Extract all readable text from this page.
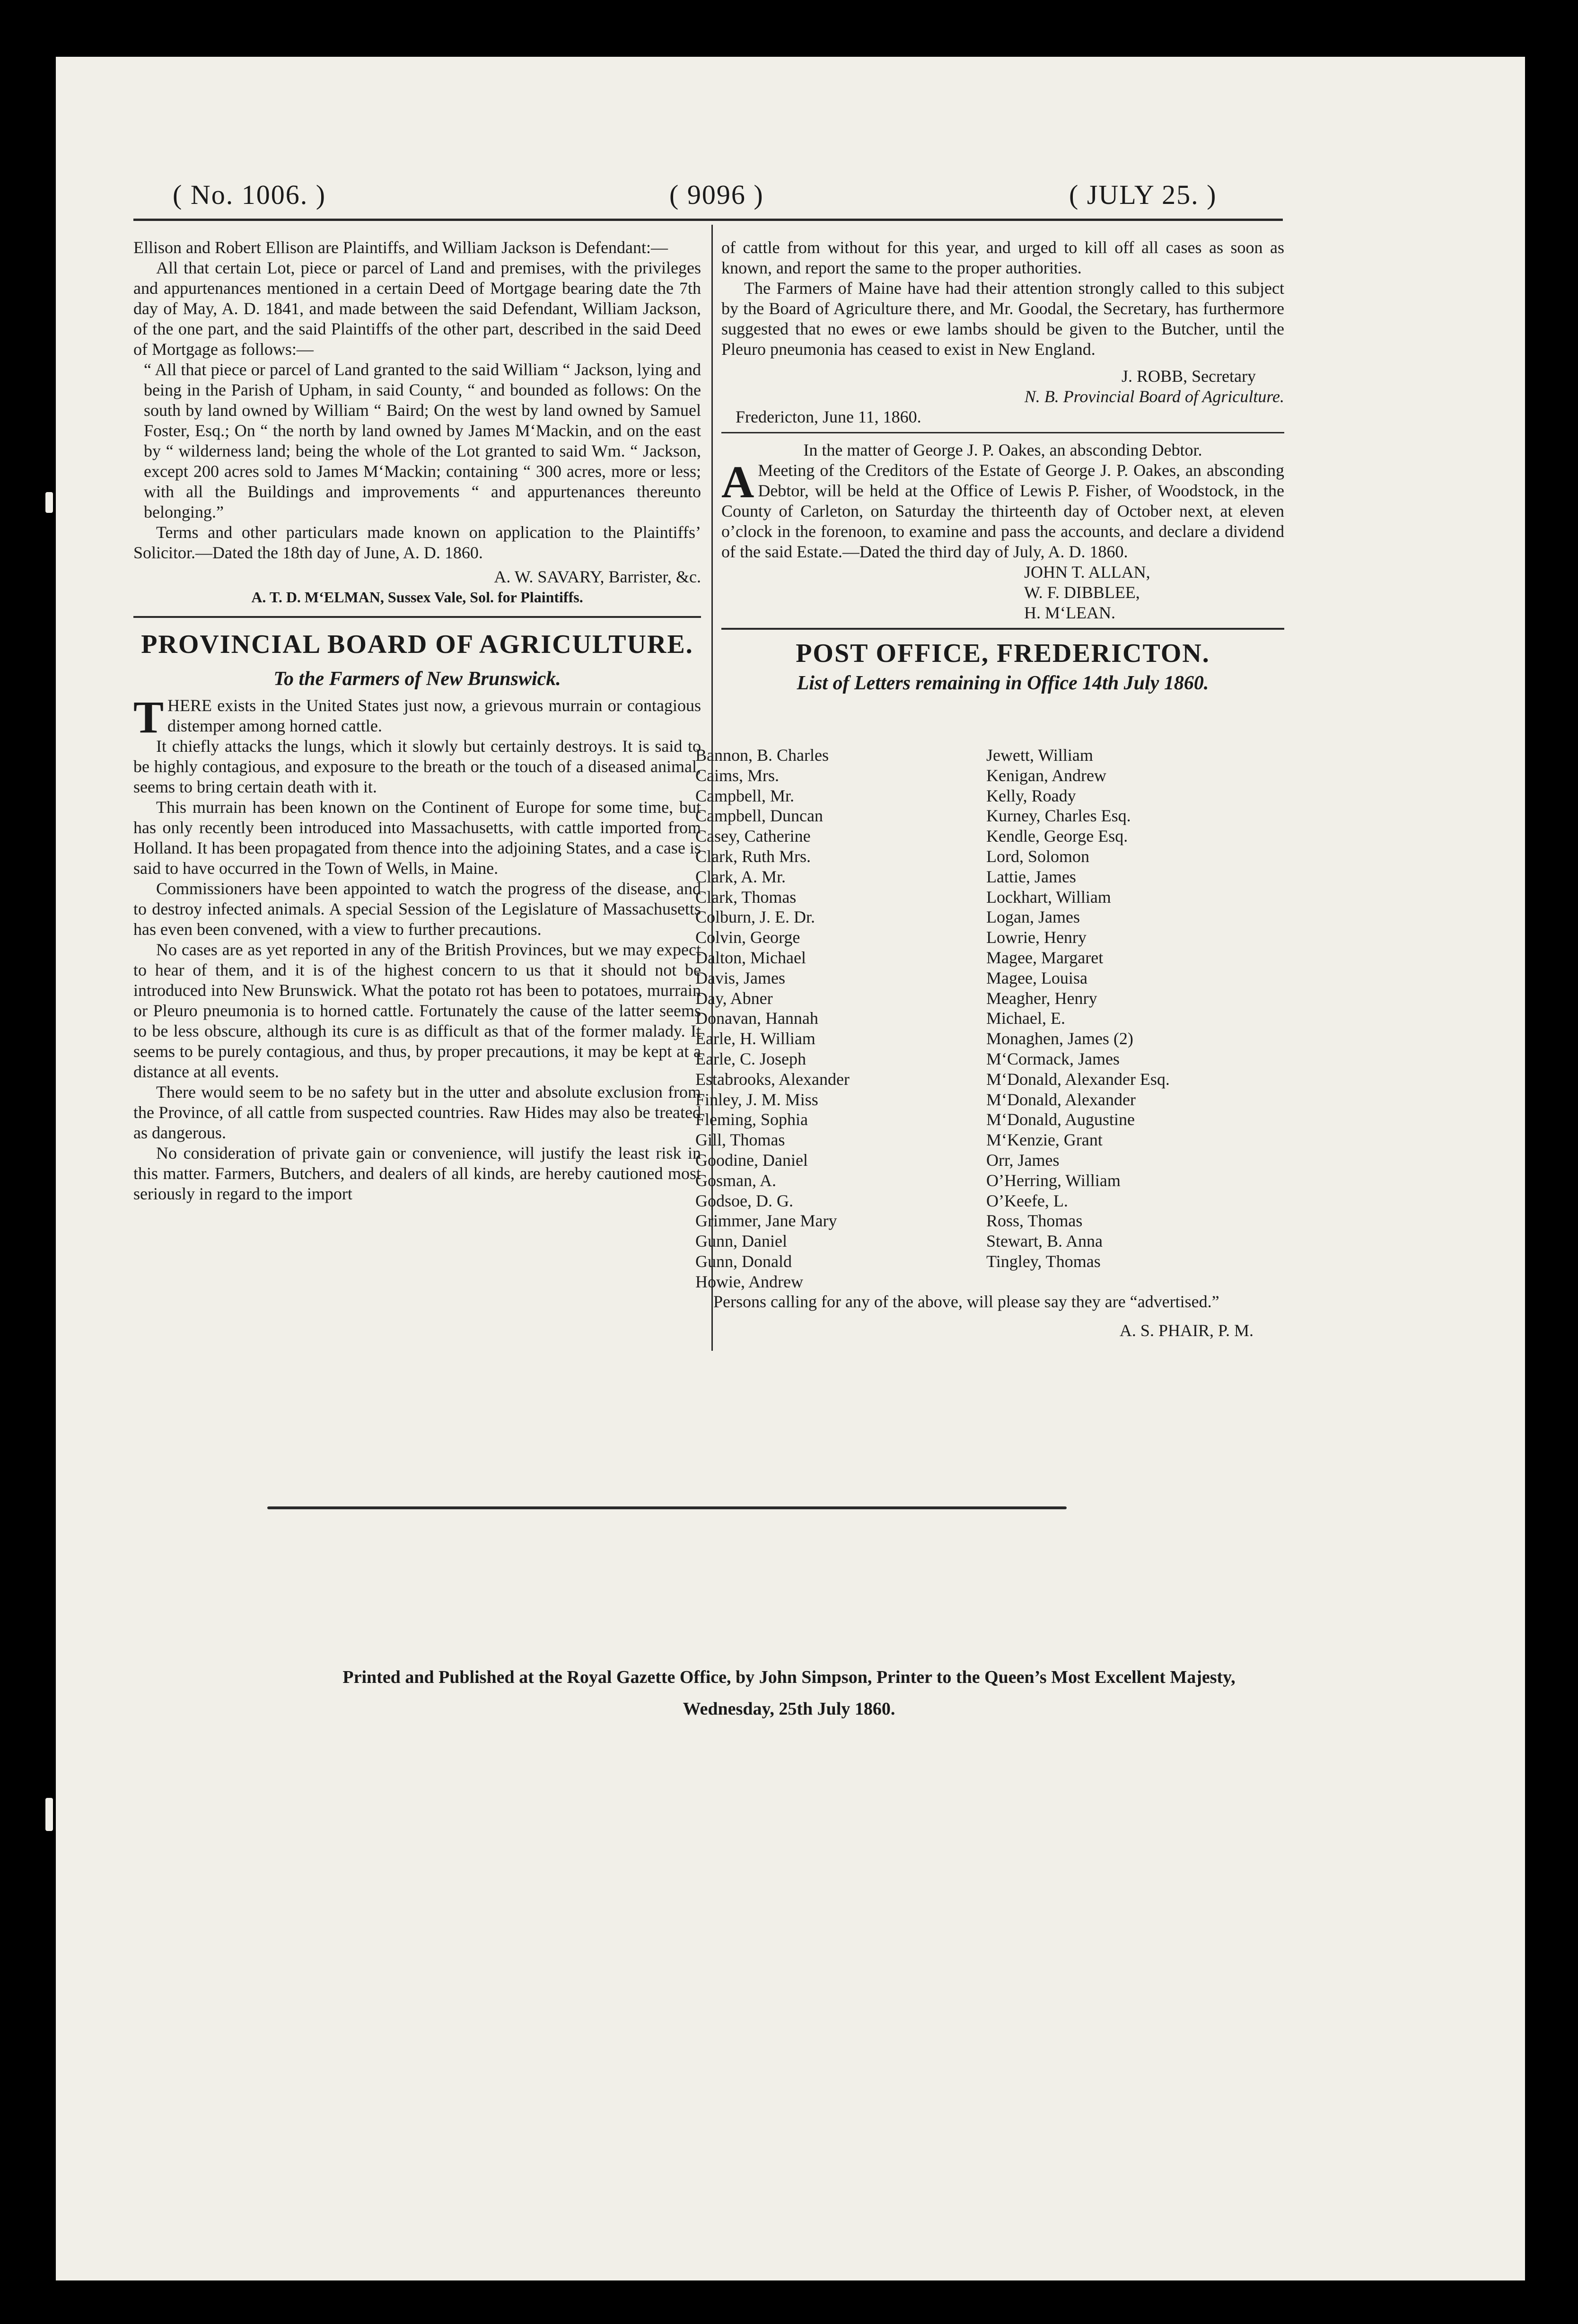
( No. 1006. )	( 9096 )	( JULY 25. )

Ellison and Robert Ellison are Plaintiffs, and William Jackson is Defendant:—

All that certain Lot, piece or parcel of Land and premises, with the privileges and appurtenances mentioned in a certain Deed of Mortgage bearing date the 7th day of May, A. D. 1841, and made between the said Defendant, William Jackson, of the one part, and the said Plaintiffs of the other part, described in the said Deed of Mortgage as follows:—

“ All that piece or parcel of Land granted to the said William “ Jackson, lying and being in the Parish of Upham, in said County, “ and bounded as follows: On the south by land owned by William “ Baird; On the west by land owned by Samuel Foster, Esq.; On “ the north by land owned by James M‘Mackin, and on the east by “ wilderness land; being the whole of the Lot granted to said Wm. “ Jackson, except 200 acres sold to James M‘Mackin; containing “ 300 acres, more or less; with all the Buildings and improvements “ and appurtenances thereunto belonging.”

Terms and other particulars made known on application to the Plaintiffs’ Solicitor.—Dated the 18th day of June, A. D. 1860.

A. W. SAVARY, Barrister, &c.
A. T. D. M‘ELMAN, Sussex Vale, Sol. for Plaintiffs.
PROVINCIAL BOARD OF AGRICULTURE.
To the Farmers of New Brunswick.

THERE exists in the United States just now, a grievous murrain or contagious distemper among horned cattle.

It chiefly attacks the lungs, which it slowly but certainly destroys. It is said to be highly contagious, and exposure to the breath or the touch of a diseased animal, seems to bring certain death with it.

This murrain has been known on the Continent of Europe for some time, but has only recently been introduced into Massachusetts, with cattle imported from Holland. It has been propagated from thence into the adjoining States, and a case is said to have occurred in the Town of Wells, in Maine.

Commissioners have been appointed to watch the progress of the disease, and to destroy infected animals. A special Session of the Legislature of Massachusetts has even been convened, with a view to further precautions.

No cases are as yet reported in any of the British Provinces, but we may expect to hear of them, and it is of the highest concern to us that it should not be introduced into New Brunswick. What the potato rot has been to potatoes, murrain or Pleuro pneumonia is to horned cattle. Fortunately the cause of the latter seems to be less obscure, although its cure is as difficult as that of the former malady. It seems to be purely contagious, and thus, by proper precautions, it may be kept at a distance at all events.

There would seem to be no safety but in the utter and absolute exclusion from the Province, of all cattle from suspected countries. Raw Hides may also be treated as dangerous.

No consideration of private gain or convenience, will justify the least risk in this matter. Farmers, Butchers, and dealers of all kinds, are hereby cautioned most seriously in regard to the import

of cattle from without for this year, and urged to kill off all cases as soon as known, and report the same to the proper authorities.

The Farmers of Maine have had their attention strongly called to this subject by the Board of Agriculture there, and Mr. Goodal, the Secretary, has furthermore suggested that no ewes or ewe lambs should be given to the Butcher, until the Pleuro pneumonia has ceased to exist in New England.

J. ROBB, Secretary
N. B. Provincial Board of Agriculture.
Fredericton, June 11, 1860.
In the matter of George J. P. Oakes, an absconding Debtor.

A Meeting of the Creditors of the Estate of George J. P. Oakes, an absconding Debtor, will be held at the Office of Lewis P. Fisher, of Woodstock, in the County of Carleton, on Saturday the thirteenth day of October next, at eleven o’clock in the forenoon, to examine and pass the accounts, and declare a dividend of the said Estate.—Dated the third day of July, A. D. 1860.

JOHN T. ALLAN,
W. F. DIBBLEE,
H. M‘LEAN.
POST OFFICE, FREDERICTON.
List of Letters remaining in Office 14th July 1860.
Bannon, B. Charles
Caims, Mrs.
Campbell, Mr.
Campbell, Duncan
Casey, Catherine
Clark, Ruth Mrs.
Clark, A. Mr.
Clark, Thomas
Colburn, J. E. Dr.
Colvin, George
Dalton, Michael
Davis, James
Day, Abner
Donavan, Hannah
Earle, H. William
Earle, C. Joseph
Estabrooks, Alexander
Finley, J. M. Miss
Fleming, Sophia
Gill, Thomas
Goodine, Daniel
Gosman, A.
Godsoe, D. G.
Grimmer, Jane Mary
Gunn, Daniel
Gunn, Donald
Howie, Andrew
Jewett, William
Kenigan, Andrew
Kelly, Roady
Kurney, Charles Esq.
Kendle, George Esq.
Lord, Solomon
Lattie, James
Lockhart, William
Logan, James
Lowrie, Henry
Magee, Margaret
Magee, Louisa
Meagher, Henry
Michael, E.
Monaghen, James (2)
M‘Cormack, James
M‘Donald, Alexander Esq.
M‘Donald, Alexander
M‘Donald, Augustine
M‘Kenzie, Grant
Orr, James
O’Herring, William
O’Keefe, L.
Ross, Thomas
Stewart, B. Anna
Tingley, Thomas

Persons calling for any of the above, will please say they are “advertised.”

A. S. PHAIR, P. M.
Printed and Published at the Royal Gazette Office, by John Simpson, Printer to the Queen’s Most Excellent Majesty,
Wednesday, 25th July 1860.
